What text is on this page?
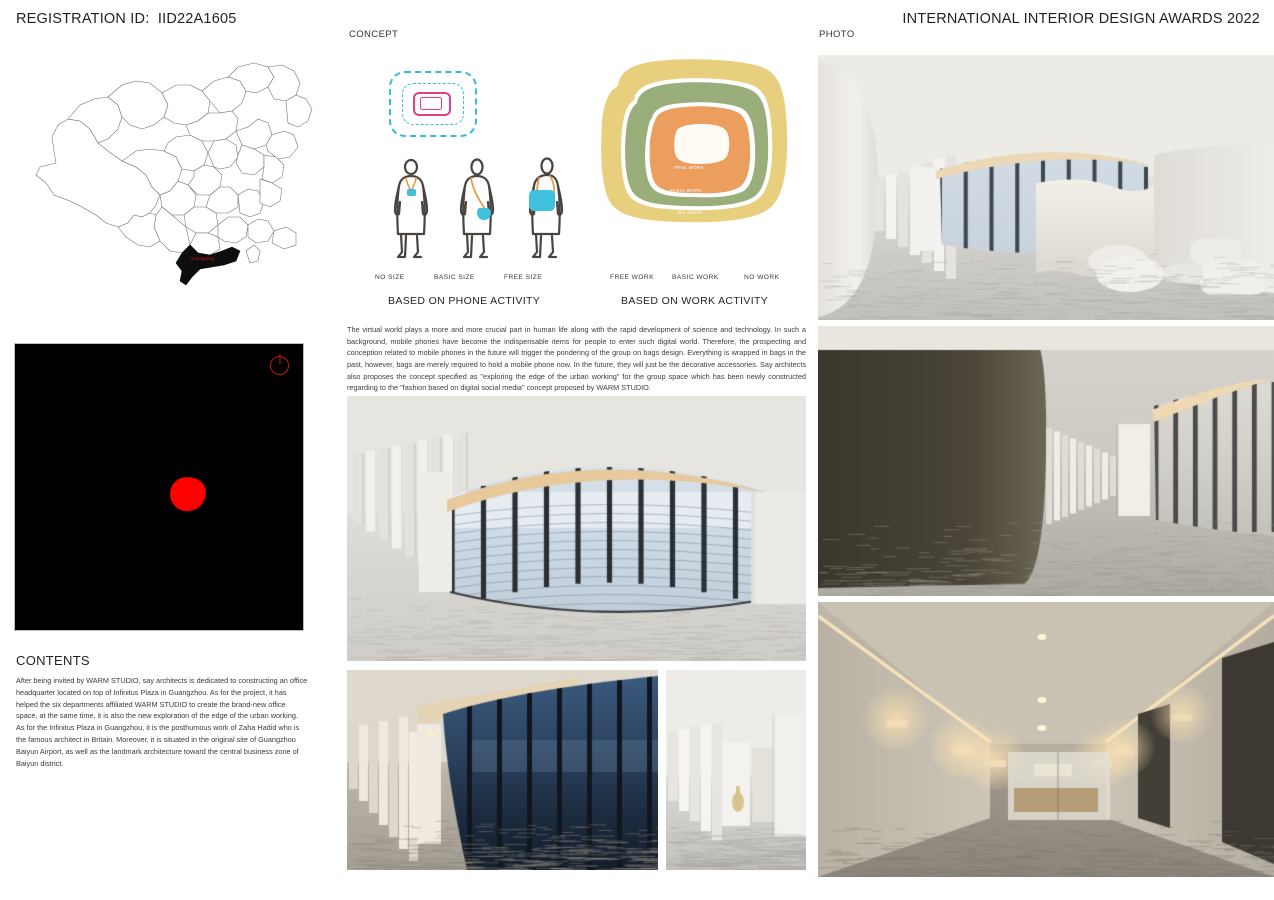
REGISTRATION ID:  IID22A1605
CONCEPT	PHOTO
INTERNATIONAL INTERIOR DESIGN AWARDS 2022
Guangdong
CONTENTS

After being invited by WARM STUDIO, say architects is dedicated to constructing an office headquarter located on top of Infinitus Plaza in Guangzhou. As for the project, it has helped the six departments affiliated WARM STUDIO to create the brand-new office space, at the same time, it is also the new exploration of the edge of the urban working. As for the Infinitus Plaza in Guangzhou, it is the posthumous work of Zaha Hadid who is the famous architect in Britain. Moreover, it is situated in the original site of Guangzhou Baiyun Airport, as well as the landmark architecture toward the central business zone of Baiyun district.

NO SIZE	BASIC SIZE	FREE SIZE
FREE WORK
BASIC WORK
NO WORK
FREE WORK	BASIC WORK	NO WORK
BASED ON PHONE ACTIVITY	BASED ON WORK ACTIVITY
The virtual world plays a more and more crucial part in human life along with the rapid development of science and technology. In such a background, mobile phones have become the indispensable items for people to enter such digital world. Therefore, the prospecting and conception related to mobile phones in the future will trigger the pondering of the group on bags design. Everything is wrapped in bags in the past, however, bags are merely required to hold a mobile phone now. In the future, they will just be the decorative accessories. Say architects also proposes the concept specified as "exploring the edge of the urban working" for the group space which has been newly constructed regarding to the "fashion based on digital social media" concept proposed by WARM STUDIO.
